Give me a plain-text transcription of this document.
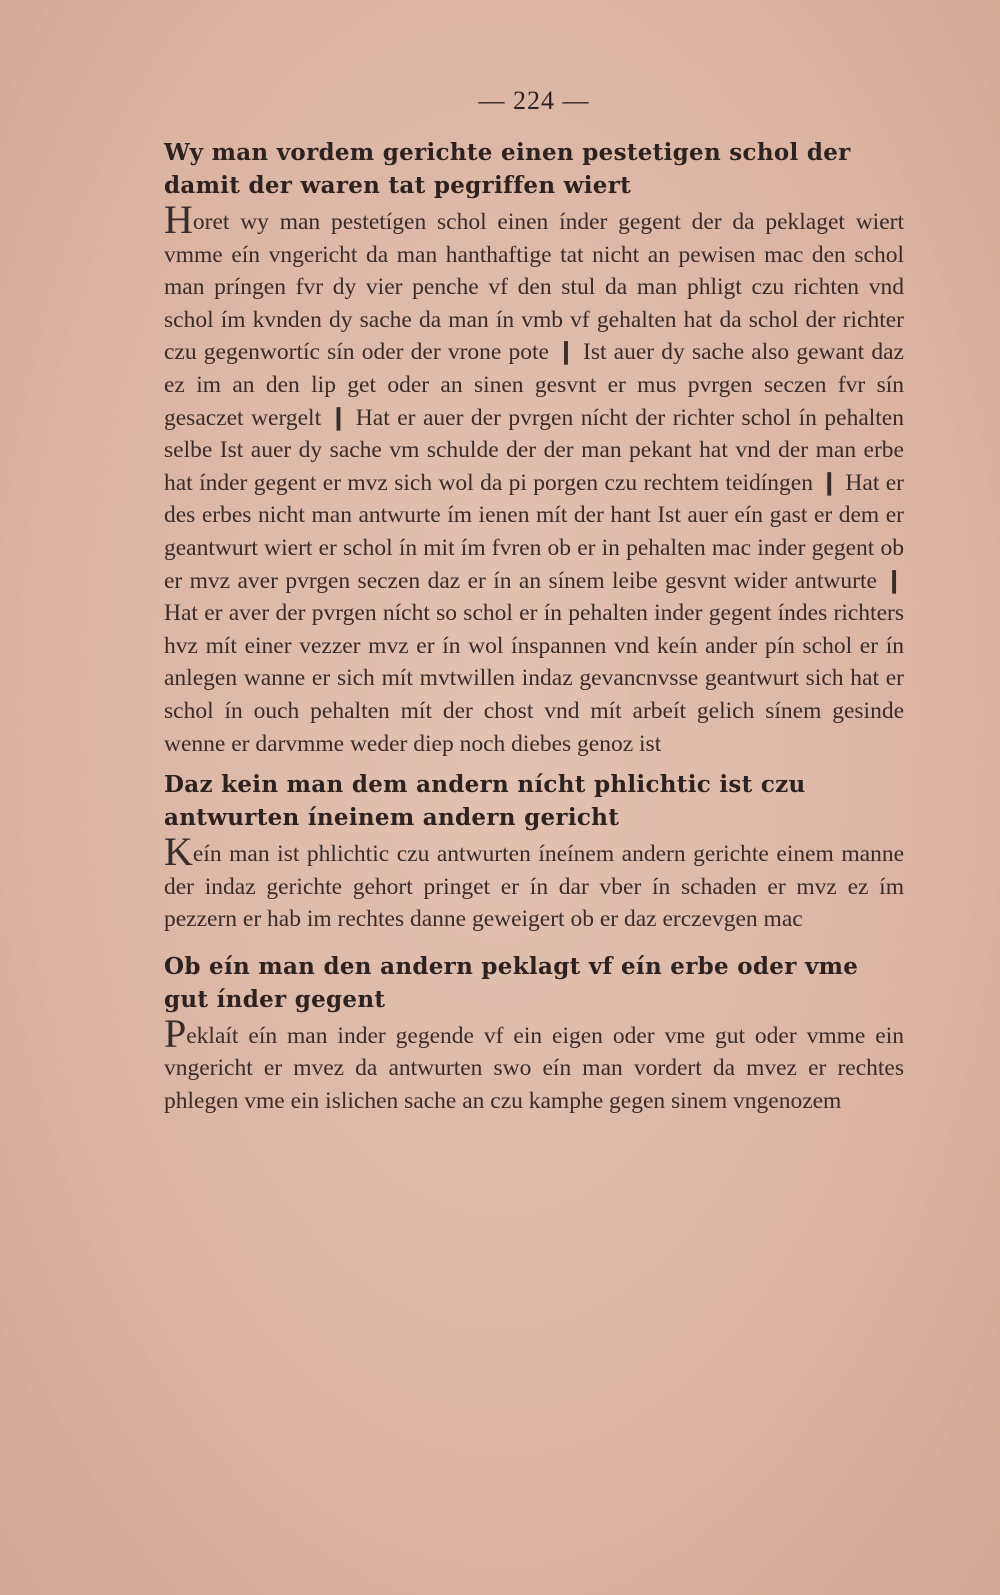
— 224 —
Wy man vordem gerichte einen pestetigen schol der damit der waren tat pegriffen wiert

Horet wy man pestetígen schol einen índer gegent der da peklaget wiert vmme eín vngericht da man hanthaftige tat nicht an pewisen mac den schol man príngen fvr dy vier penche vf den stul da man phligt czu richten vnd schol ím kvnden dy sache da man ín vmb vf gehalten hat da schol der richter czu gegenwortíc sín oder der vrone pote ❙ Ist auer dy sache also gewant daz ez im an den lip get oder an sinen gesvnt er mus pvrgen seczen fvr sín gesaczet wergelt ❙ Hat er auer der pvrgen nícht der richter schol ín pehalten selbe Ist auer dy sache vm schulde der der man pekant hat vnd der man erbe hat índer gegent er mvz sich wol da pi porgen czu rechtem teidíngen ❙ Hat er des erbes nicht man antwurte ím ienen mít der hant Ist auer eín gast er dem er geantwurt wiert er schol ín mit ím fvren ob er in pehalten mac inder gegent ob er mvz aver pvrgen seczen daz er ín an sínem leibe gesvnt wider antwurte ❙ Hat er aver der pvrgen nícht so schol er ín pehalten inder gegent índes richters hvz mít einer vezzer mvz er ín wol ínspannen vnd keín ander pín schol er ín anlegen wanne er sich mít mvtwillen indaz gevancnvsse geantwurt sich hat er schol ín ouch pehalten mít der chost vnd mít arbeít gelich sínem gesinde wenne er darvmme weder diep noch diebes genoz ist

Daz kein man dem andern nícht phlichtic ist czu antwurten íneinem andern gericht

Keín man ist phlichtic czu antwurten íneínem andern gerichte einem manne der indaz gerichte gehort pringet er ín dar vber ín schaden er mvz ez ím pezzern er hab im rechtes danne geweigert ob er daz erczevgen mac

Ob eín man den andern peklagt vf eín erbe oder vme gut índer gegent

Peklaít eín man inder gegende vf ein eigen oder vme gut oder vmme ein vngericht er mvez da antwurten swo eín man vordert da mvez er rechtes phlegen vme ein islichen sache an czu kamphe gegen sinem vngenozem
